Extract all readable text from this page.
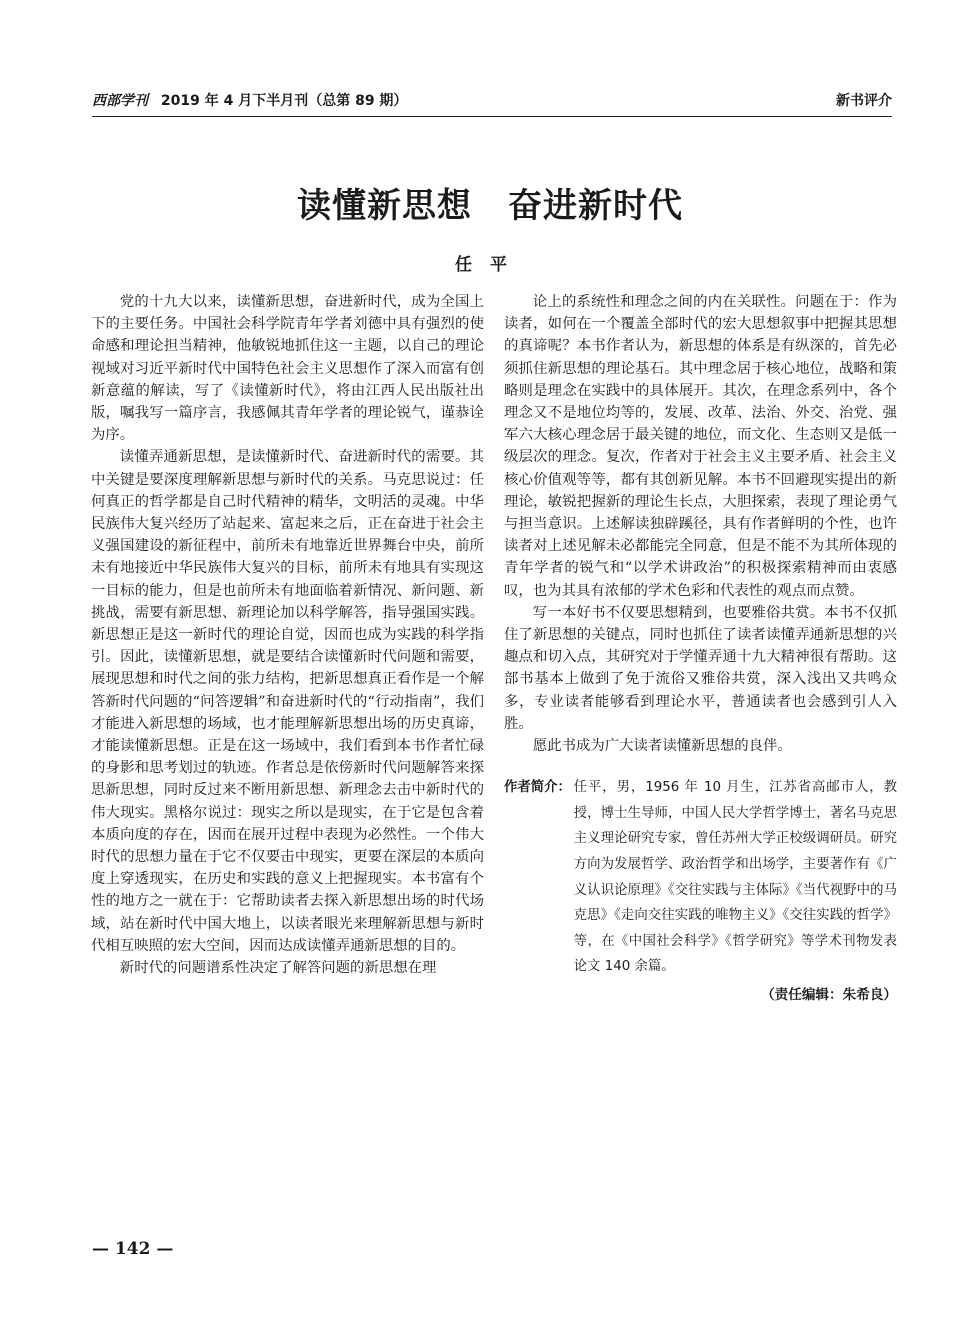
西部学刊 2019 年 4 月下半月刊（总第 89 期）	新书评介
读懂新思想 奋进新时代
任平

党的十九大以来，读懂新思想，奋进新时代，成为全国上下的主要任务。中国社会科学院青年学者刘德中具有强烈的使命感和理论担当精神，他敏锐地抓住这一主题，以自己的理论视域对习近平新时代中国特色社会主义思想作了深入而富有创新意蕴的解读，写了《读懂新时代》，将由江西人民出版社出版，嘱我写一篇序言，我感佩其青年学者的理论锐气，谨恭诠为序。

读懂弄通新思想，是读懂新时代、奋进新时代的需要。其中关键是要深度理解新思想与新时代的关系。马克思说过：任何真正的哲学都是自己时代精神的精华，文明活的灵魂。中华民族伟大复兴经历了站起来、富起来之后，正在奋进于社会主义强国建设的新征程中，前所未有地靠近世界舞台中央，前所未有地接近中华民族伟大复兴的目标，前所未有地具有实现这一目标的能力，但是也前所未有地面临着新情况、新问题、新挑战，需要有新思想、新理论加以科学解答，指导强国实践。新思想正是这一新时代的理论自觉，因而也成为实践的科学指引。因此，读懂新思想，就是要结合读懂新时代问题和需要，展现思想和时代之间的张力结构，把新思想真正看作是一个解答新时代问题的“问答逻辑”和奋进新时代的“行动指南”，我们才能进入新思想的场域，也才能理解新思想出场的历史真谛，才能读懂新思想。正是在这一场域中，我们看到本书作者忙碌的身影和思考划过的轨迹。作者总是依傍新时代问题解答来探思新思想，同时反过来不断用新思想、新理念去击中新时代的伟大现实。黑格尔说过：现实之所以是现实，在于它是包含着本质向度的存在，因而在展开过程中表现为必然性。一个伟大时代的思想力量在于它不仅要击中现实，更要在深层的本质向度上穿透现实，在历史和实践的意义上把握现实。本书富有个性的地方之一就在于：它帮助读者去探入新思想出场的时代场域，站在新时代中国大地上，以读者眼光来理解新思想与新时代相互映照的宏大空间，因而达成读懂弄通新思想的目的。

新时代的问题谱系性决定了解答问题的新思想在理

论上的系统性和理念之间的内在关联性。问题在于：作为读者，如何在一个覆盖全部时代的宏大思想叙事中把握其思想的真谛呢？本书作者认为，新思想的体系是有纵深的，首先必须抓住新思想的理论基石。其中理念居于核心地位，战略和策略则是理念在实践中的具体展开。其次，在理念系列中，各个理念又不是地位均等的，发展、改革、法治、外交、治党、强军六大核心理念居于最关键的地位，而文化、生态则又是低一级层次的理念。复次，作者对于社会主义主要矛盾、社会主义核心价值观等等，都有其创新见解。本书不回避现实提出的新理论，敏锐把握新的理论生长点，大胆探索，表现了理论勇气与担当意识。上述解读独辟蹊径，具有作者鲜明的个性，也许读者对上述见解未必都能完全同意，但是不能不为其所体现的青年学者的锐气和“以学术讲政治”的积极探索精神而由衷感叹，也为其具有浓郁的学术色彩和代表性的观点而点赞。

写一本好书不仅要思想精到，也要雅俗共赏。本书不仅抓住了新思想的关键点，同时也抓住了读者读懂弄通新思想的兴趣点和切入点，其研究对于学懂弄通十九大精神很有帮助。这部书基本上做到了免于流俗又雅俗共赏，深入浅出又共鸣众多，专业读者能够看到理论水平，普通读者也会感到引人入胜。

愿此书成为广大读者读懂新思想的良伴。

作者简介： 任平，男，1956 年 10 月生，江苏省高邮市人，教授，博士生导师，中国人民大学哲学博士，著名马克思主义理论研究专家，曾任苏州大学正校级调研员。研究方向为发展哲学、政治哲学和出场学，主要著作有《广义认识论原理》《交往实践与主体际》《当代视野中的马克思》《走向交往实践的唯物主义》《交往实践的哲学》等，在《中国社会科学》《哲学研究》等学术刊物发表论文 140 余篇。
（责任编辑：朱希良）
— 142 —
